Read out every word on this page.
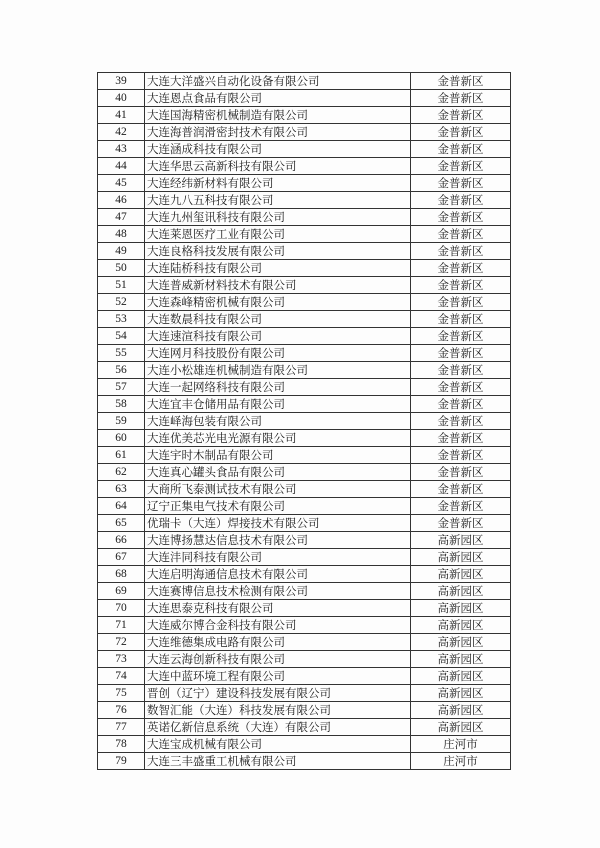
39	大连大洋盛兴自动化设备有限公司	金普新区
40	大连恩点食品有限公司	金普新区
41	大连国海精密机械制造有限公司	金普新区
42	大连海普润滑密封技术有限公司	金普新区
43	大连涵成科技有限公司	金普新区
44	大连华思云高新科技有限公司	金普新区
45	大连经纬新材料有限公司	金普新区
46	大连九八五科技有限公司	金普新区
47	大连九州玺讯科技有限公司	金普新区
48	大连莱恩医疗工业有限公司	金普新区
49	大连良格科技发展有限公司	金普新区
50	大连陆桥科技有限公司	金普新区
51	大连普威新材料技术有限公司	金普新区
52	大连森峰精密机械有限公司	金普新区
53	大连数晨科技有限公司	金普新区
54	大连速渲科技有限公司	金普新区
55	大连网月科技股份有限公司	金普新区
56	大连小松雄连机械制造有限公司	金普新区
57	大连一起网络科技有限公司	金普新区
58	大连宜丰仓储用品有限公司	金普新区
59	大连峄海包装有限公司	金普新区
60	大连优美芯光电光源有限公司	金普新区
61	大连宇时木制品有限公司	金普新区
62	大连真心罐头食品有限公司	金普新区
63	大商所飞泰测试技术有限公司	金普新区
64	辽宁正集电气技术有限公司	金普新区
65	优瑞卡（大连）焊接技术有限公司	金普新区
66	大连博扬慧达信息技术有限公司	高新园区
67	大连沣同科技有限公司	高新园区
68	大连启明海通信息技术有限公司	高新园区
69	大连赛博信息技术检测有限公司	高新园区
70	大连思泰克科技有限公司	高新园区
71	大连威尔博合金科技有限公司	高新园区
72	大连维德集成电路有限公司	高新园区
73	大连云海创新科技有限公司	高新园区
74	大连中蓝环境工程有限公司	高新园区
75	晋创（辽宁）建设科技发展有限公司	高新园区
76	数智汇能（大连）科技发展有限公司	高新园区
77	英诺亿新信息系统（大连）有限公司	高新园区
78	大连宝成机械有限公司	庄河市
79	大连三丰盛重工机械有限公司	庄河市
